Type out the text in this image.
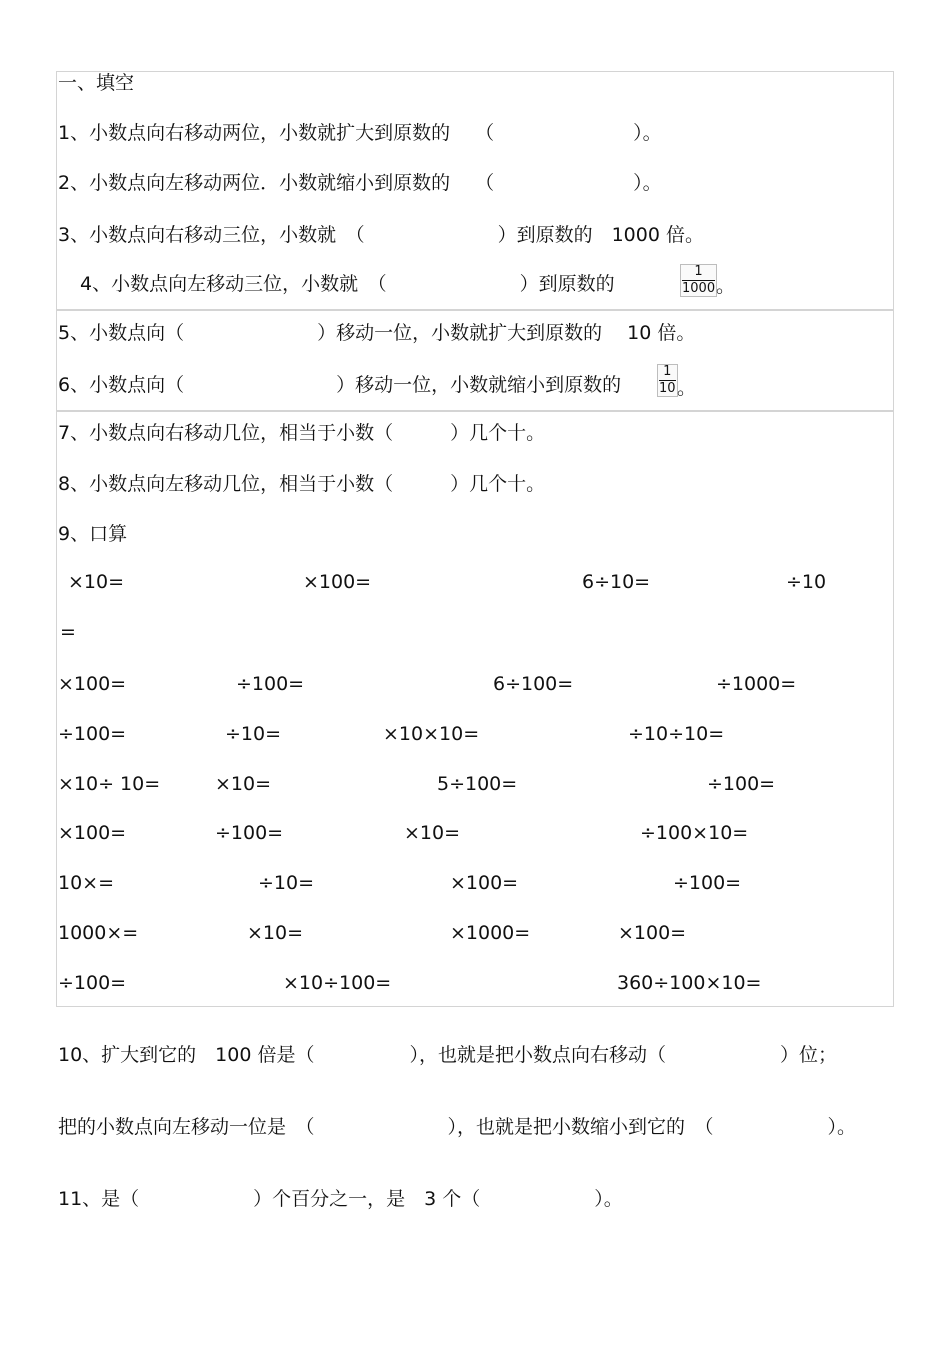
一、填空
1、小数点向右移动两位，小数就扩大到原数的　 （　　　　　　　 ）。
2、小数点向左移动两位．小数就缩小到原数的　 （　　　　　　　 ）。
3、小数点向右移动三位，小数就　（　　　　　　　）到原数的　1000 倍。
4、小数点向左移动三位，小数就　（　　　　　　　）到原数的
1
1000 。
5、小数点向（　　　　　　　）移动一位，小数就扩大到原数的　 10 倍。
6、小数点向（　　　　　　　　）移动一位，小数就缩小到原数的
1
10 。
7、小数点向右移动几位，相当于小数（　　　）几个十。
8、小数点向左移动几位，相当于小数（　　　）几个十。
9、口算
×10=	×100=	6÷10=	÷10
=
×100=	÷100=	6÷100=	÷1000=
÷100=	÷10=	×10×10=	÷10÷10=
×10÷ 10=	×10=	5÷100=	÷100=
×100=	÷100=	×10=	÷100×10=
10×=	÷10=	×100=	÷100=
1000×=	×10=	×1000=	×100=
÷100=	×10÷100=	360÷100×10=
10、扩大到它的　100 倍是（　　　　　），也就是把小数点向右移动（　　　　　　）位；
把的小数点向左移动一位是　（　　　　　　　），也就是把小数缩小到它的　（　　　　　　）。
11、是（　　　　　　）个百分之一，是　3 个（　　　　　　）。
